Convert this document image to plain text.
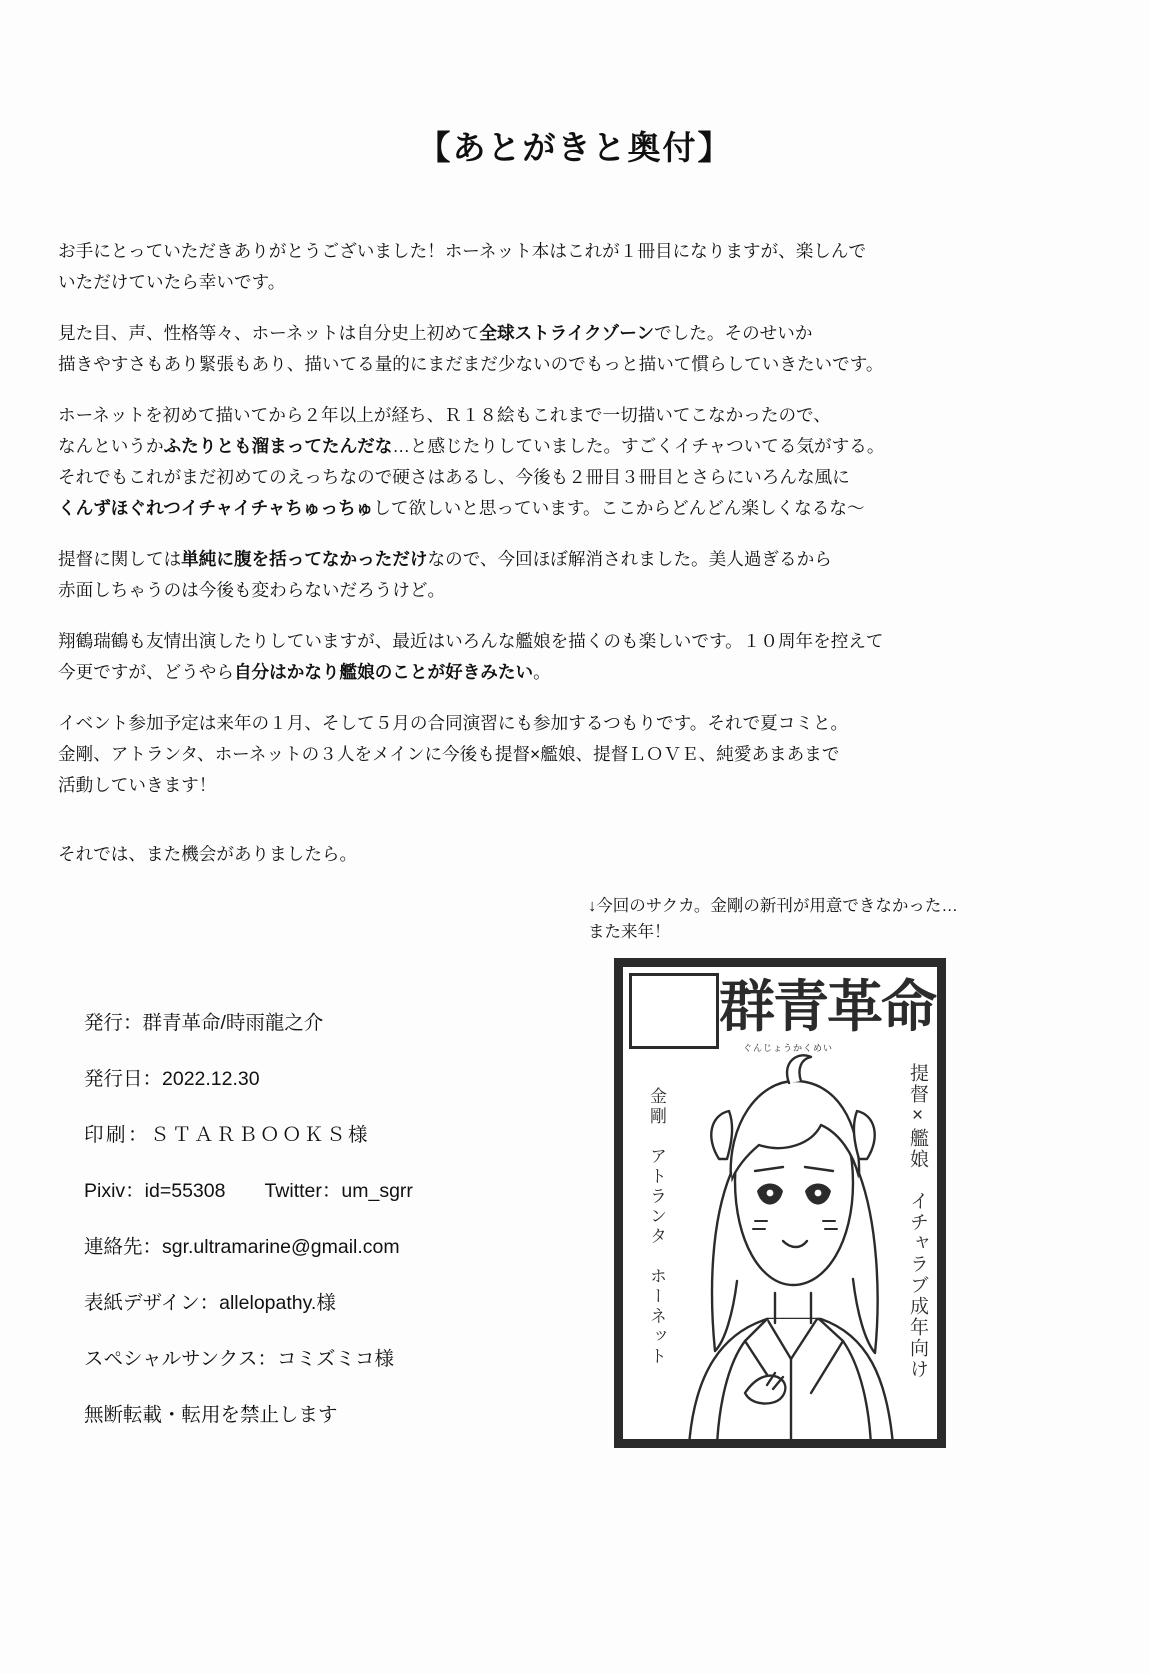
【あとがきと奥付】

お手にとっていただきありがとうございました！ホーネット本はこれが１冊目になりますが、楽しんで
いただけていたら幸いです。

見た目、声、性格等々、ホーネットは自分史上初めて全球ストライクゾーンでした。そのせいか
描きやすさもあり緊張もあり、描いてる量的にまだまだ少ないのでもっと描いて慣らしていきたいです。

ホーネットを初めて描いてから２年以上が経ち、Ｒ１８絵もこれまで一切描いてこなかったので、
なんというかふたりとも溜まってたんだな…と感じたりしていました。すごくイチャついてる気がする。
それでもこれがまだ初めてのえっちなので硬さはあるし、今後も２冊目３冊目とさらにいろんな風に
くんずほぐれつイチャイチャちゅっちゅして欲しいと思っています。ここからどんどん楽しくなるな〜

提督に関しては単純に腹を括ってなかっただけなので、今回ほぼ解消されました。美人過ぎるから
赤面しちゃうのは今後も変わらないだろうけど。

翔鶴瑞鶴も友情出演したりしていますが、最近はいろんな艦娘を描くのも楽しいです。１０周年を控えて
今更ですが、どうやら自分はかなり艦娘のことが好きみたい。

イベント参加予定は来年の１月、そして５月の合同演習にも参加するつもりです。それで夏コミと。
金剛、アトランタ、ホーネットの３人をメインに今後も提督×艦娘、提督ＬＯＶＥ、純愛あまあまで
活動していきます！

それでは、また機会がありましたら。

↓今回のサクカ。金剛の新刊が用意できなかった…
また来年！
発行：群青革命/時雨龍之介
発行日：2022.12.30
印刷：ＳＴＡＲＢＯＯＫＳ様
Pixiv：id=55308　　Twitter：um_sgrr
連絡先：sgr.ultramarine@gmail.com
表紙デザイン：allelopathy.様
スペシャルサンクス：コミズミコ様
無断転載・転用を禁止します
群青革命
ぐんじょうかくめい
金剛　アトランタ　ホーネット	提督×艦娘　イチャラブ成年向け
